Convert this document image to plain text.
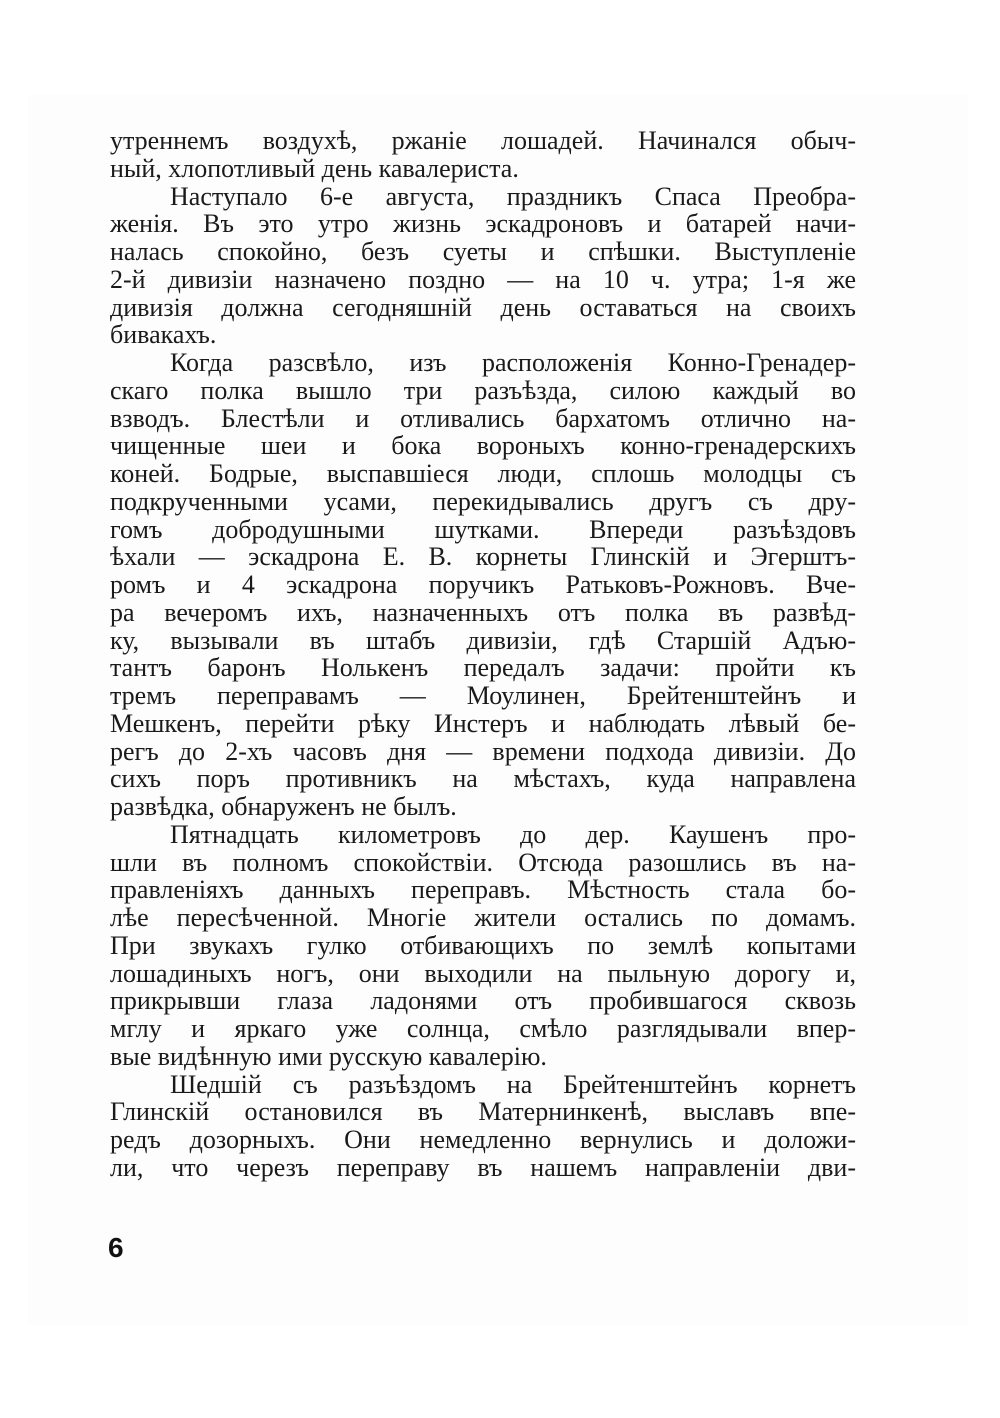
утреннемъ воздухѣ, ржаніе лошадей. Начинался обыч-
ный, хлопотливый день кавалериста.
Наступало 6-е августа, праздникъ Спаса Преобра-
женія. Въ это утро жизнь эскадроновъ и батарей начи-
налась спокойно, безъ суеты и спѣшки. Выступленіе
2-й дивизіи назначено поздно — на 10 ч. утра; 1-я же
дивизія должна сегодняшній день оставаться на своихъ
бивакахъ.
Когда разсвѣло, изъ расположенія Конно-Гренадер-
скаго полка вышло три разъѣзда, силою каждый во
взводъ. Блестѣли и отливались бархатомъ отлично на-
чищенные шеи и бока вороныхъ конно-гренадерскихъ
коней. Бодрые, выспавшіеся люди, сплошь молодцы съ
подкрученными усами, перекидывались другъ съ дру-
гомъ добродушными шутками. Впереди разъѣздовъ
ѣхали — эскадрона Е. В. корнеты Глинскій и Эгерштъ-
ромъ и 4 эскадрона поручикъ Ратьковъ-Рожновъ. Вче-
ра вечеромъ ихъ, назначенныхъ отъ полка въ развѣд-
ку, вызывали въ штабъ дивизіи, гдѣ Старшій Адъю-
тантъ баронъ Нолькенъ передалъ задачи: пройти къ
тремъ переправамъ — Моулинен, Брейтенштейнъ и
Мешкенъ, перейти рѣку Инстеръ и наблюдать лѣвый бе-
регъ до 2-хъ часовъ дня — времени подхода дивизіи. До
сихъ поръ противникъ на мѣстахъ, куда направлена
развѣдка, обнаруженъ не былъ.
Пятнадцать километровъ до дер. Каушенъ про-
шли въ полномъ спокойствіи. Отсюда разошлись въ на-
правленіяхъ данныхъ переправъ. Мѣстность стала бо-
лѣе пересѣченной. Многіе жители остались по домамъ.
При звукахъ гулко отбивающихъ по землѣ копытами
лошадиныхъ ногъ, они выходили на пыльную дорогу и,
прикрывши глаза ладонями отъ пробившагося сквозь
мглу и яркаго уже солнца, смѣло разглядывали впер-
вые видѣнную ими русскую кавалерію.
Шедшій съ разъѣздомъ на Брейтенштейнъ корнетъ
Глинскій остановился въ Матернинкенѣ, выславъ впе-
редъ дозорныхъ. Они немедленно вернулись и доложи-
ли, что черезъ переправу въ нашемъ направленіи дви-
6
